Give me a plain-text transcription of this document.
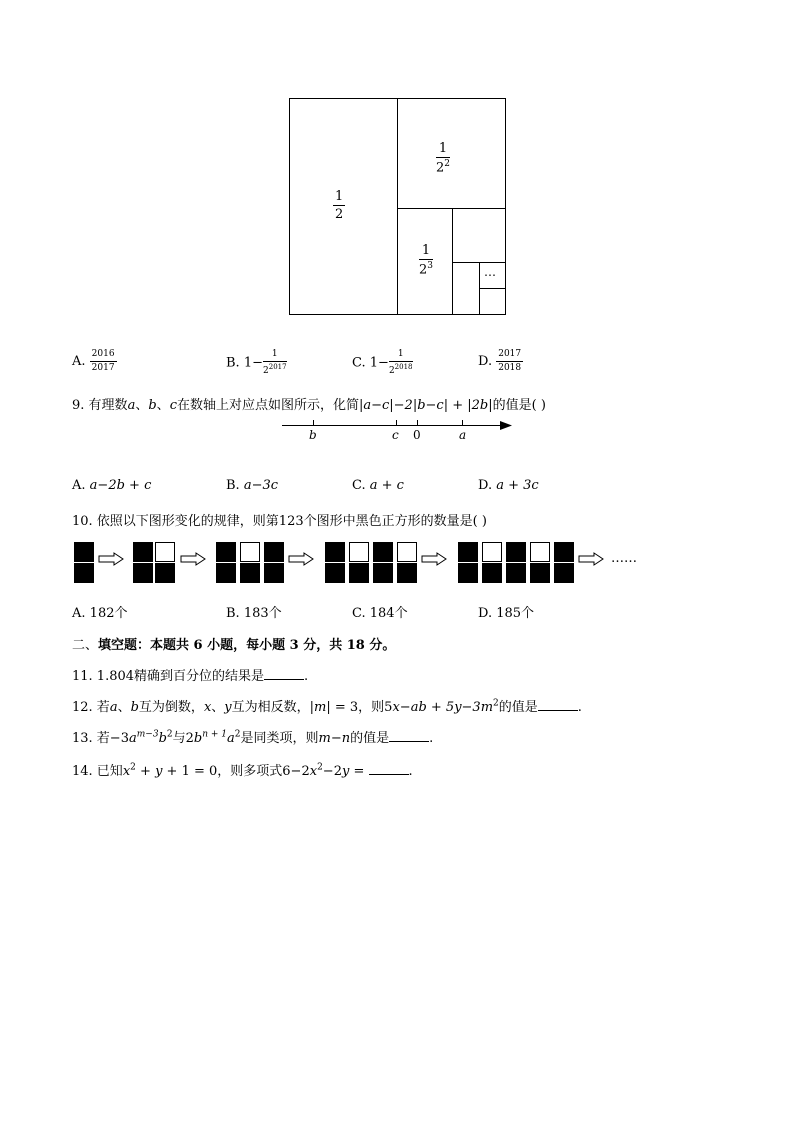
$\frac{1}{2}$
$\frac{1}{2^2}$
$\frac{1}{2^3}$	…
A. $\frac{2016}{2017}$	B. $1- \frac{1}{2^{2017}}$	C. $1- \frac{1}{2^{2018}}$	D. $\frac{2017}{2018}$
9. 有理数a、b、c在数轴上对应点如图所示，化简|a−c|−2|b−c| + |2b|的值是( )
b	c 0	a
A. a−2b + c	B. a−3c	C. a + c	D. a + 3c
10. 依照以下图形变化的规律，则第123个图形中黑色正方形的数量是( )
……
A. 182个	B. 183个	C. 184个	D. 185个
二、填空题：本题共 6 小题，每小题 3 分，共 18 分。
11. 1.804精确到百分位的结果是	.
12. 若a、b互为倒数，x、y互为相反数，|m| = 3，则$5x-ab + 5y-3m^2$的值是	.
13. 若$-3a^{m-3}b^2$与$2b^{n + 1}a^2$是同类项，则m−n的值是	.
14. 已知$x^2 + y + 1 = 0$，则多项式$6-2x^2-2y$ =	.
